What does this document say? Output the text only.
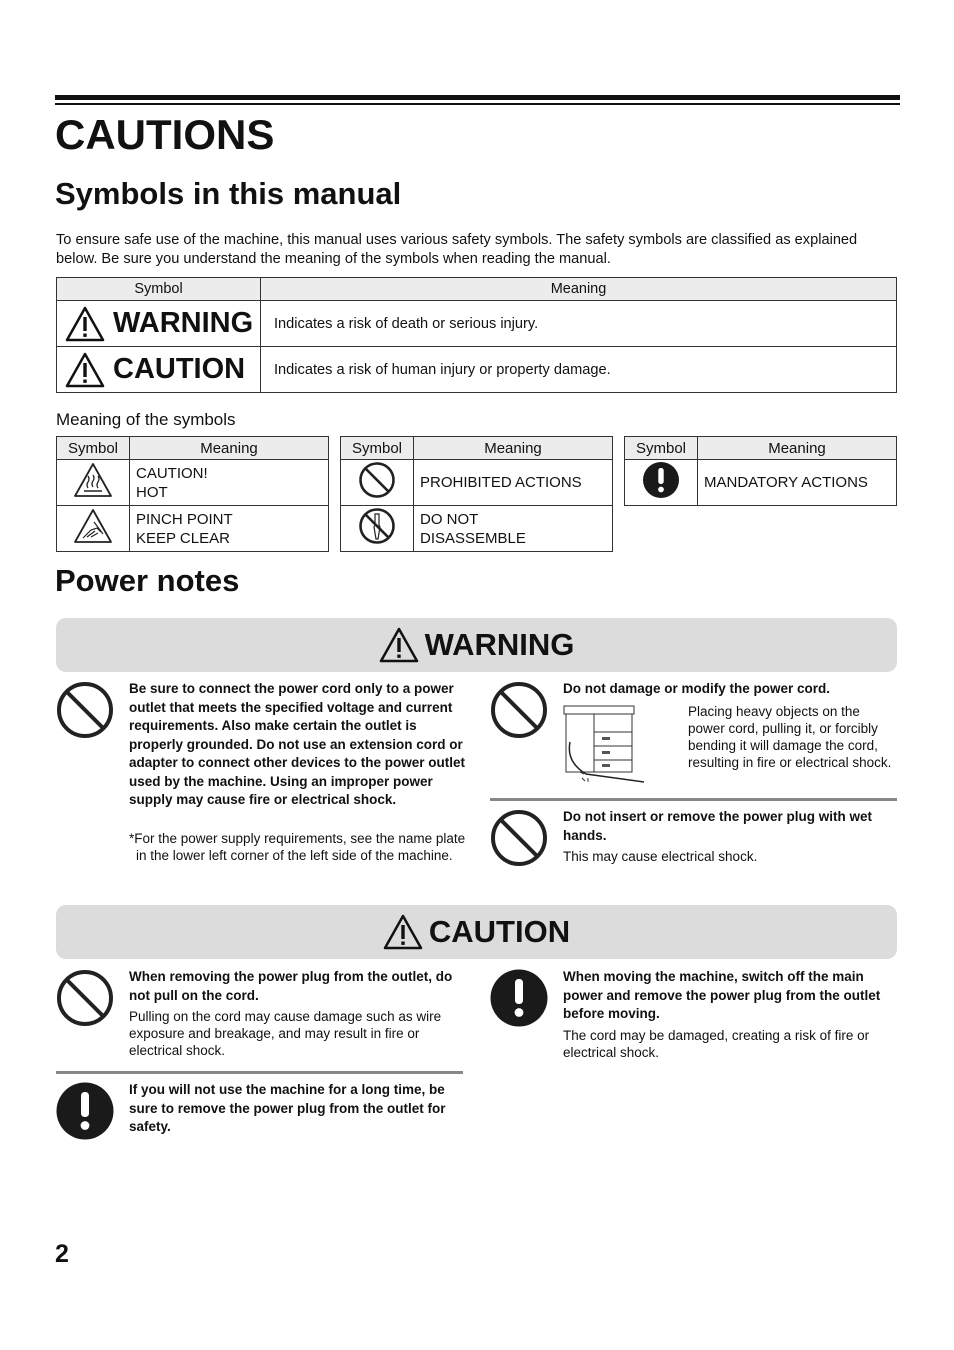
CAUTIONS
Symbols in this manual
To ensure safe use of the machine, this manual uses various safety symbols. The safety symbols are classified as explained below. Be sure you understand the meaning of the symbols when reading the manual.
Symbol	Meaning

WARNING	Indicates a risk of death or serious injury.

CAUTION	Indicates a risk of human injury or property damage.
Meaning of the symbols
Symbol	Meaning

CAUTION!
HOT

PINCH POINT
KEEP CLEAR
Symbol	Meaning

PROHIBITED ACTIONS

DO NOT
DISASSEMBLE
Symbol	Meaning

MANDATORY ACTIONS
Power notes
WARNING
Be sure to connect the power cord only to a power outlet that meets the specified voltage and current requirements. Also make certain the outlet is properly grounded. Do not use an extension cord or adapter to connect other devices to the power outlet used by the machine. Using an improper power supply may cause fire or electrical shock.
*For the power supply requirements, see the name plate in the lower left corner of the left side of the machine.
Do not damage or modify the power cord.
Placing heavy objects on the power cord, pulling it, or forcibly bending it will damage the cord, resulting in fire or electrical shock.
Do not insert or remove the power plug with wet hands.
This may cause electrical shock.
CAUTION
When removing the power plug from the outlet, do not pull on the cord.
Pulling on the cord may cause damage such as wire exposure and breakage, and may result in fire or electrical shock.
If you will not use the machine for a long time, be sure to remove the power plug from the outlet for safety.
When moving the machine, switch off the main power and remove the power plug from the outlet before moving.
The cord may be damaged, creating a risk of fire or electrical shock.
2
